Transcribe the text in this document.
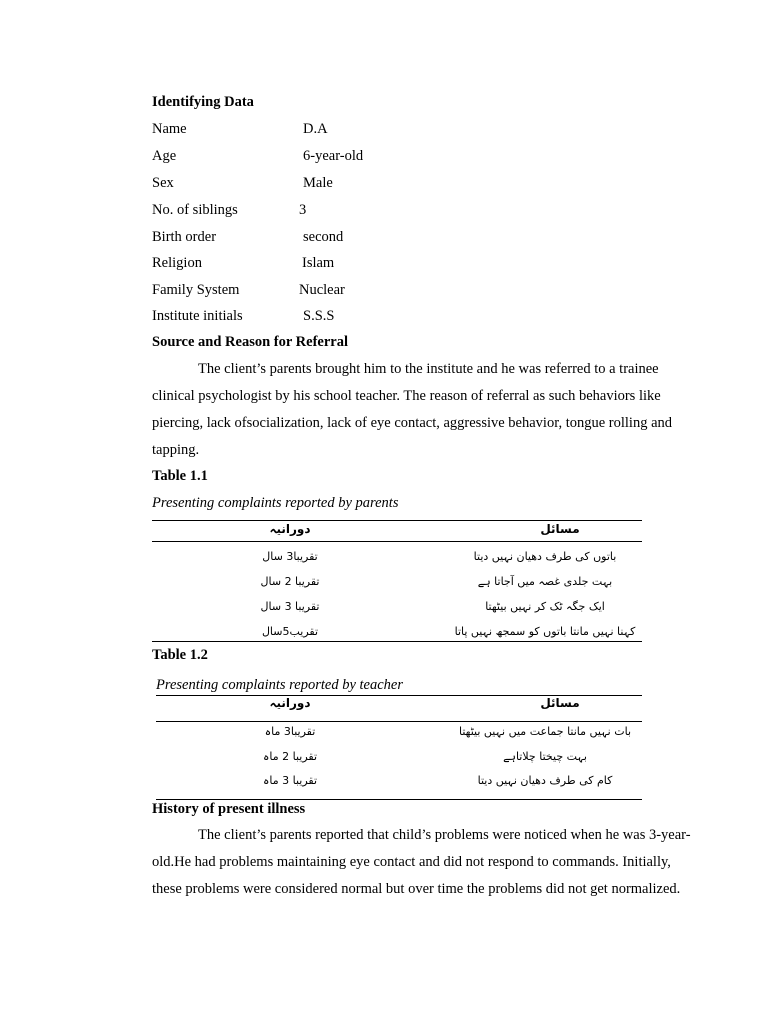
Identifying Data
Name	D.A
Age	6-year-old
Sex	Male
No. of siblings	3
Birth order	second
Religion	Islam
Family System	Nuclear
Institute initials	S.S.S
Source and Reason for Referral
The client’s parents brought him to the institute and he was referred to a trainee
clinical psychologist by his school teacher. The reason of referral as such behaviors like
piercing, lack ofsocialization, lack of eye contact, aggressive behavior, tongue rolling and
tapping.
Table 1.1
Presenting complaints reported by parents
دورانیہ	مسائل
تقریبا3 سال	باتوں کی طرف دھیان نہیں دیتا
تقریبا 2 سال	بہت جلدی غصہ میں آجاتا ہے
تقریبا 3 سال	ایک جگہ ٹک کر نہیں بیٹھتا
تقریب5سال	کہنا نہیں مانتا باتوں کو سمجھ نہیں پاتا
Table 1.2
Presenting complaints reported by teacher
دورانیہ	مسائل
تقریبا3 ماہ	بات نہیں مانتا جماعت میں نہیں بیٹھتا
تقریبا 2 ماہ	بہت چیختا چلاتاہے
تقریبا 3 ماہ	کام کی طرف دھیان نہیں دیتا
History of present illness
The client’s parents reported that child’s problems were noticed when he was 3-year-
old.He had problems maintaining eye contact and did not respond to commands. Initially,
these problems were considered normal but over time the problems did not get normalized.
